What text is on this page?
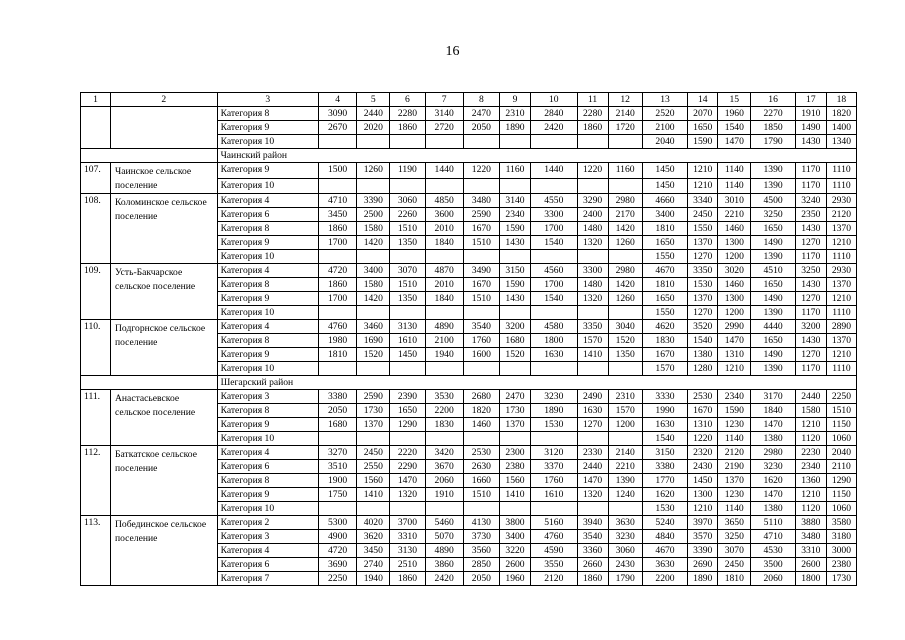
16
1	2	3	4	5	6	7	8	9	10	11	12	13	14	15	16	17	18
		Категория 8	3090	2440	2280	3140	2470	2310	2840	2280	2140	2520	2070	1960	2270	1910	1820
		Категория 9	2670	2020	1860	2720	2050	1890	2420	1860	1720	2100	1650	1540	1850	1490	1400
		Категория 10										2040	1590	1470	1790	1430	1340
		Чаинский район															
107.	Чаинское сельское поселение	Категория 9	1500	1260	1190	1440	1220	1160	1440	1220	1160	1450	1210	1140	1390	1170	1110
		Категория 10										1450	1210	1140	1390	1170	1110
108.	Коломинское сельское поселение	Категория 4	4710	3390	3060	4850	3480	3140	4550	3290	2980	4660	3340	3010	4500	3240	2930
		Категория 6	3450	2500	2260	3600	2590	2340	3300	2400	2170	3400	2450	2210	3250	2350	2120
		Категория 8	1860	1580	1510	2010	1670	1590	1700	1480	1420	1810	1550	1460	1650	1430	1370
		Категория 9	1700	1420	1350	1840	1510	1430	1540	1320	1260	1650	1370	1300	1490	1270	1210
		Категория 10										1550	1270	1200	1390	1170	1110
109.	Усть-Бакчарское сельское поселение	Категория 4	4720	3400	3070	4870	3490	3150	4560	3300	2980	4670	3350	3020	4510	3250	2930
		Категория 8	1860	1580	1510	2010	1670	1590	1700	1480	1420	1810	1530	1460	1650	1430	1370
		Категория 9	1700	1420	1350	1840	1510	1430	1540	1320	1260	1650	1370	1300	1490	1270	1210
		Категория 10										1550	1270	1200	1390	1170	1110
110.	Подгорнское сельское поселение	Категория 4	4760	3460	3130	4890	3540	3200	4580	3350	3040	4620	3520	2990	4440	3200	2890
		Категория 8	1980	1690	1610	2100	1760	1680	1800	1570	1520	1830	1540	1470	1650	1430	1370
		Категория 9	1810	1520	1450	1940	1600	1520	1630	1410	1350	1670	1380	1310	1490	1270	1210
		Категория 10										1570	1280	1210	1390	1170	1110
		Шегарский район															
111.	Анастасьевское сельское поселение	Категория 3	3380	2590	2390	3530	2680	2470	3230	2490	2310	3330	2530	2340	3170	2440	2250
		Категория 8	2050	1730	1650	2200	1820	1730	1890	1630	1570	1990	1670	1590	1840	1580	1510
		Категория 9	1680	1370	1290	1830	1460	1370	1530	1270	1200	1630	1310	1230	1470	1210	1150
		Категория 10										1540	1220	1140	1380	1120	1060
112.	Баткатское сельское поселение	Категория 4	3270	2450	2220	3420	2530	2300	3120	2330	2140	3150	2320	2120	2980	2230	2040
		Категория 6	3510	2550	2290	3670	2630	2380	3370	2440	2210	3380	2430	2190	3230	2340	2110
		Категория 8	1900	1560	1470	2060	1660	1560	1760	1470	1390	1770	1450	1370	1620	1360	1290
		Категория 9	1750	1410	1320	1910	1510	1410	1610	1320	1240	1620	1300	1230	1470	1210	1150
		Категория 10										1530	1210	1140	1380	1120	1060
113.	Побединское сельское поселение	Категория 2	5300	4020	3700	5460	4130	3800	5160	3940	3630	5240	3970	3650	5110	3880	3580
		Категория 3	4900	3620	3310	5070	3730	3400	4760	3540	3230	4840	3570	3250	4710	3480	3180
		Категория 4	4720	3450	3130	4890	3560	3220	4590	3360	3060	4670	3390	3070	4530	3310	3000
		Категория 6	3690	2740	2510	3860	2850	2600	3550	2660	2430	3630	2690	2450	3500	2600	2380
		Категория 7	2250	1940	1860	2420	2050	1960	2120	1860	1790	2200	1890	1810	2060	1800	1730
